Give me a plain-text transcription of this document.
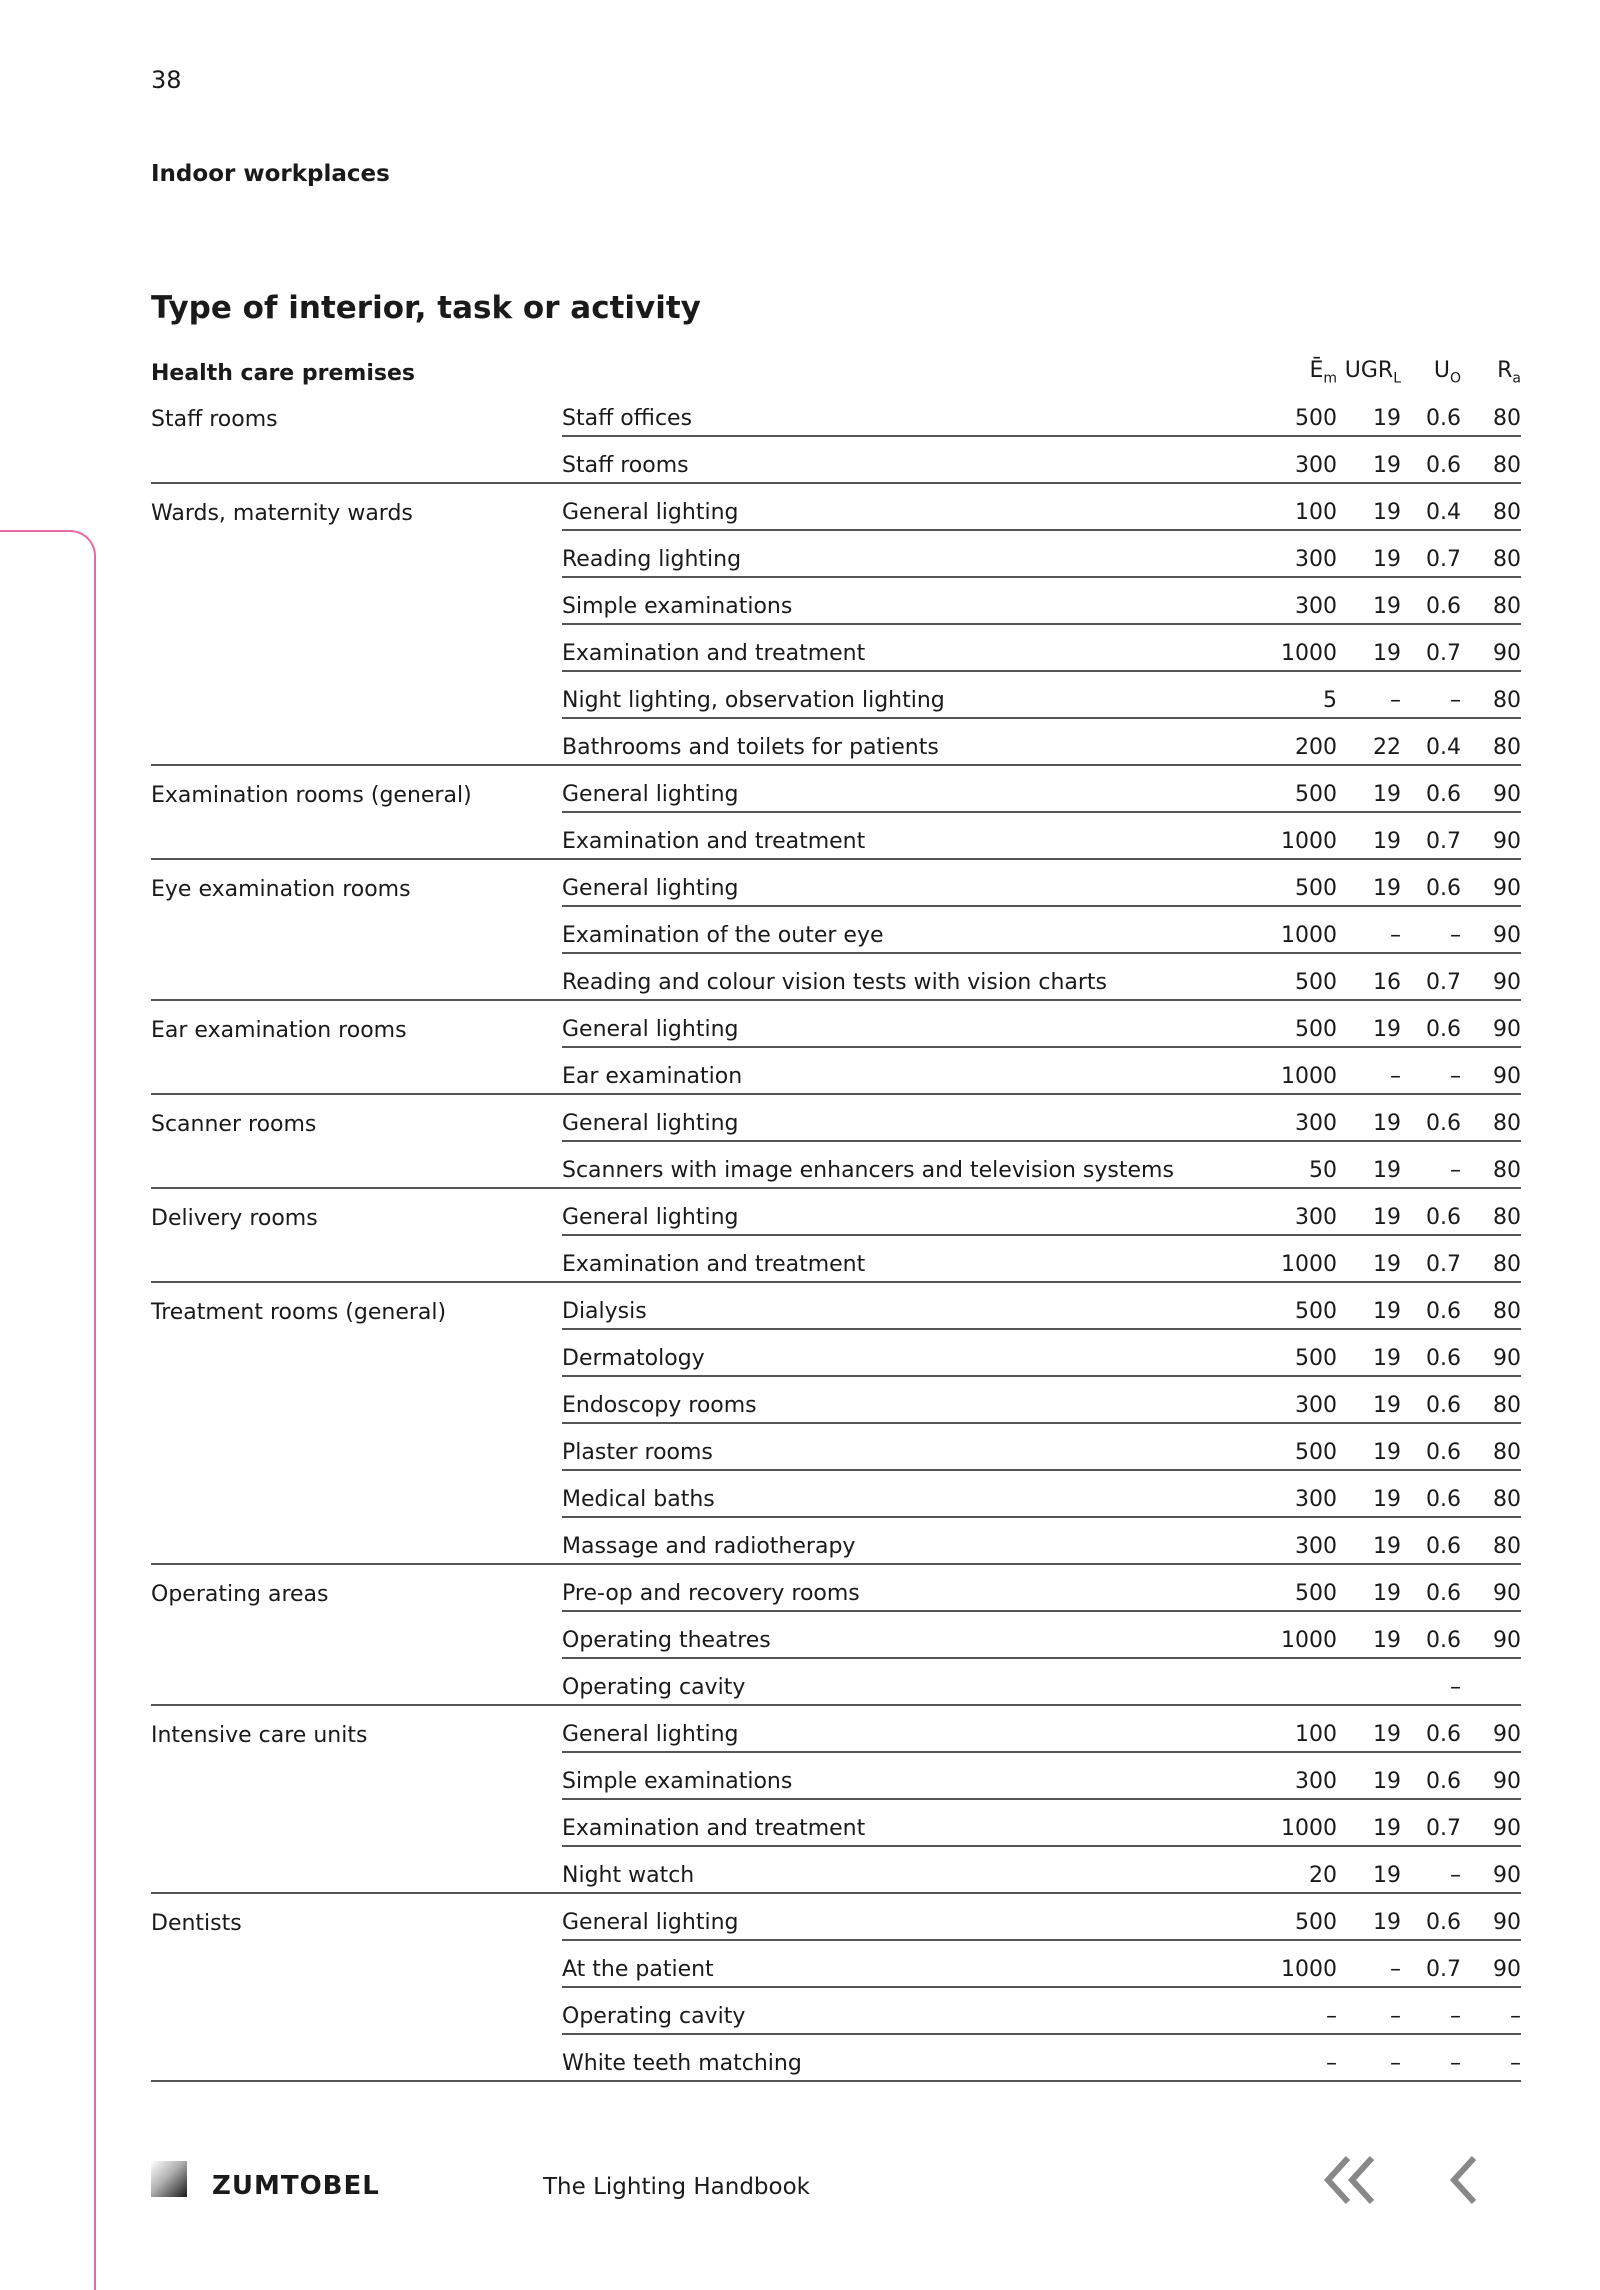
38
Indoor workplaces
Type of interior, task or activity
Health care premises		$Ē_m$	$UGR_L$	$U_O$	$R_a$
Staff rooms	Staff offices	500	19	0.6	80
	Staff rooms	300	19	0.6	80
Wards, maternity wards	General lighting	100	19	0.4	80
	Reading lighting	300	19	0.7	80
	Simple examinations	300	19	0.6	80
	Examination and treatment	1000	19	0.7	90
	Night lighting, observation lighting	5	–	–	80
	Bathrooms and toilets for patients	200	22	0.4	80
Examination rooms (general)	General lighting	500	19	0.6	90
	Examination and treatment	1000	19	0.7	90
Eye examination rooms	General lighting	500	19	0.6	90
	Examination of the outer eye	1000	–	–	90
	Reading and colour vision tests with vision charts	500	16	0.7	90
Ear examination rooms	General lighting	500	19	0.6	90
	Ear examination	1000	–	–	90
Scanner rooms	General lighting	300	19	0.6	80
	Scanners with image enhancers and television systems	50	19	–	80
Delivery rooms	General lighting	300	19	0.6	80
	Examination and treatment	1000	19	0.7	80
Treatment rooms (general)	Dialysis	500	19	0.6	80
	Dermatology	500	19	0.6	90
	Endoscopy rooms	300	19	0.6	80
	Plaster rooms	500	19	0.6	80
	Medical baths	300	19	0.6	80
	Massage and radiotherapy	300	19	0.6	80
Operating areas	Pre-op and recovery rooms	500	19	0.6	90
	Operating theatres	1000	19	0.6	90
	Operating cavity			–	
Intensive care units	General lighting	100	19	0.6	90
	Simple examinations	300	19	0.6	90
	Examination and treatment	1000	19	0.7	90
	Night watch	20	19	–	90
Dentists	General lighting	500	19	0.6	90
	At the patient	1000	–	0.7	90
	Operating cavity	–	–	–	–
	White teeth matching	–	–	–	–
ZUMTOBEL	The Lighting Handbook
